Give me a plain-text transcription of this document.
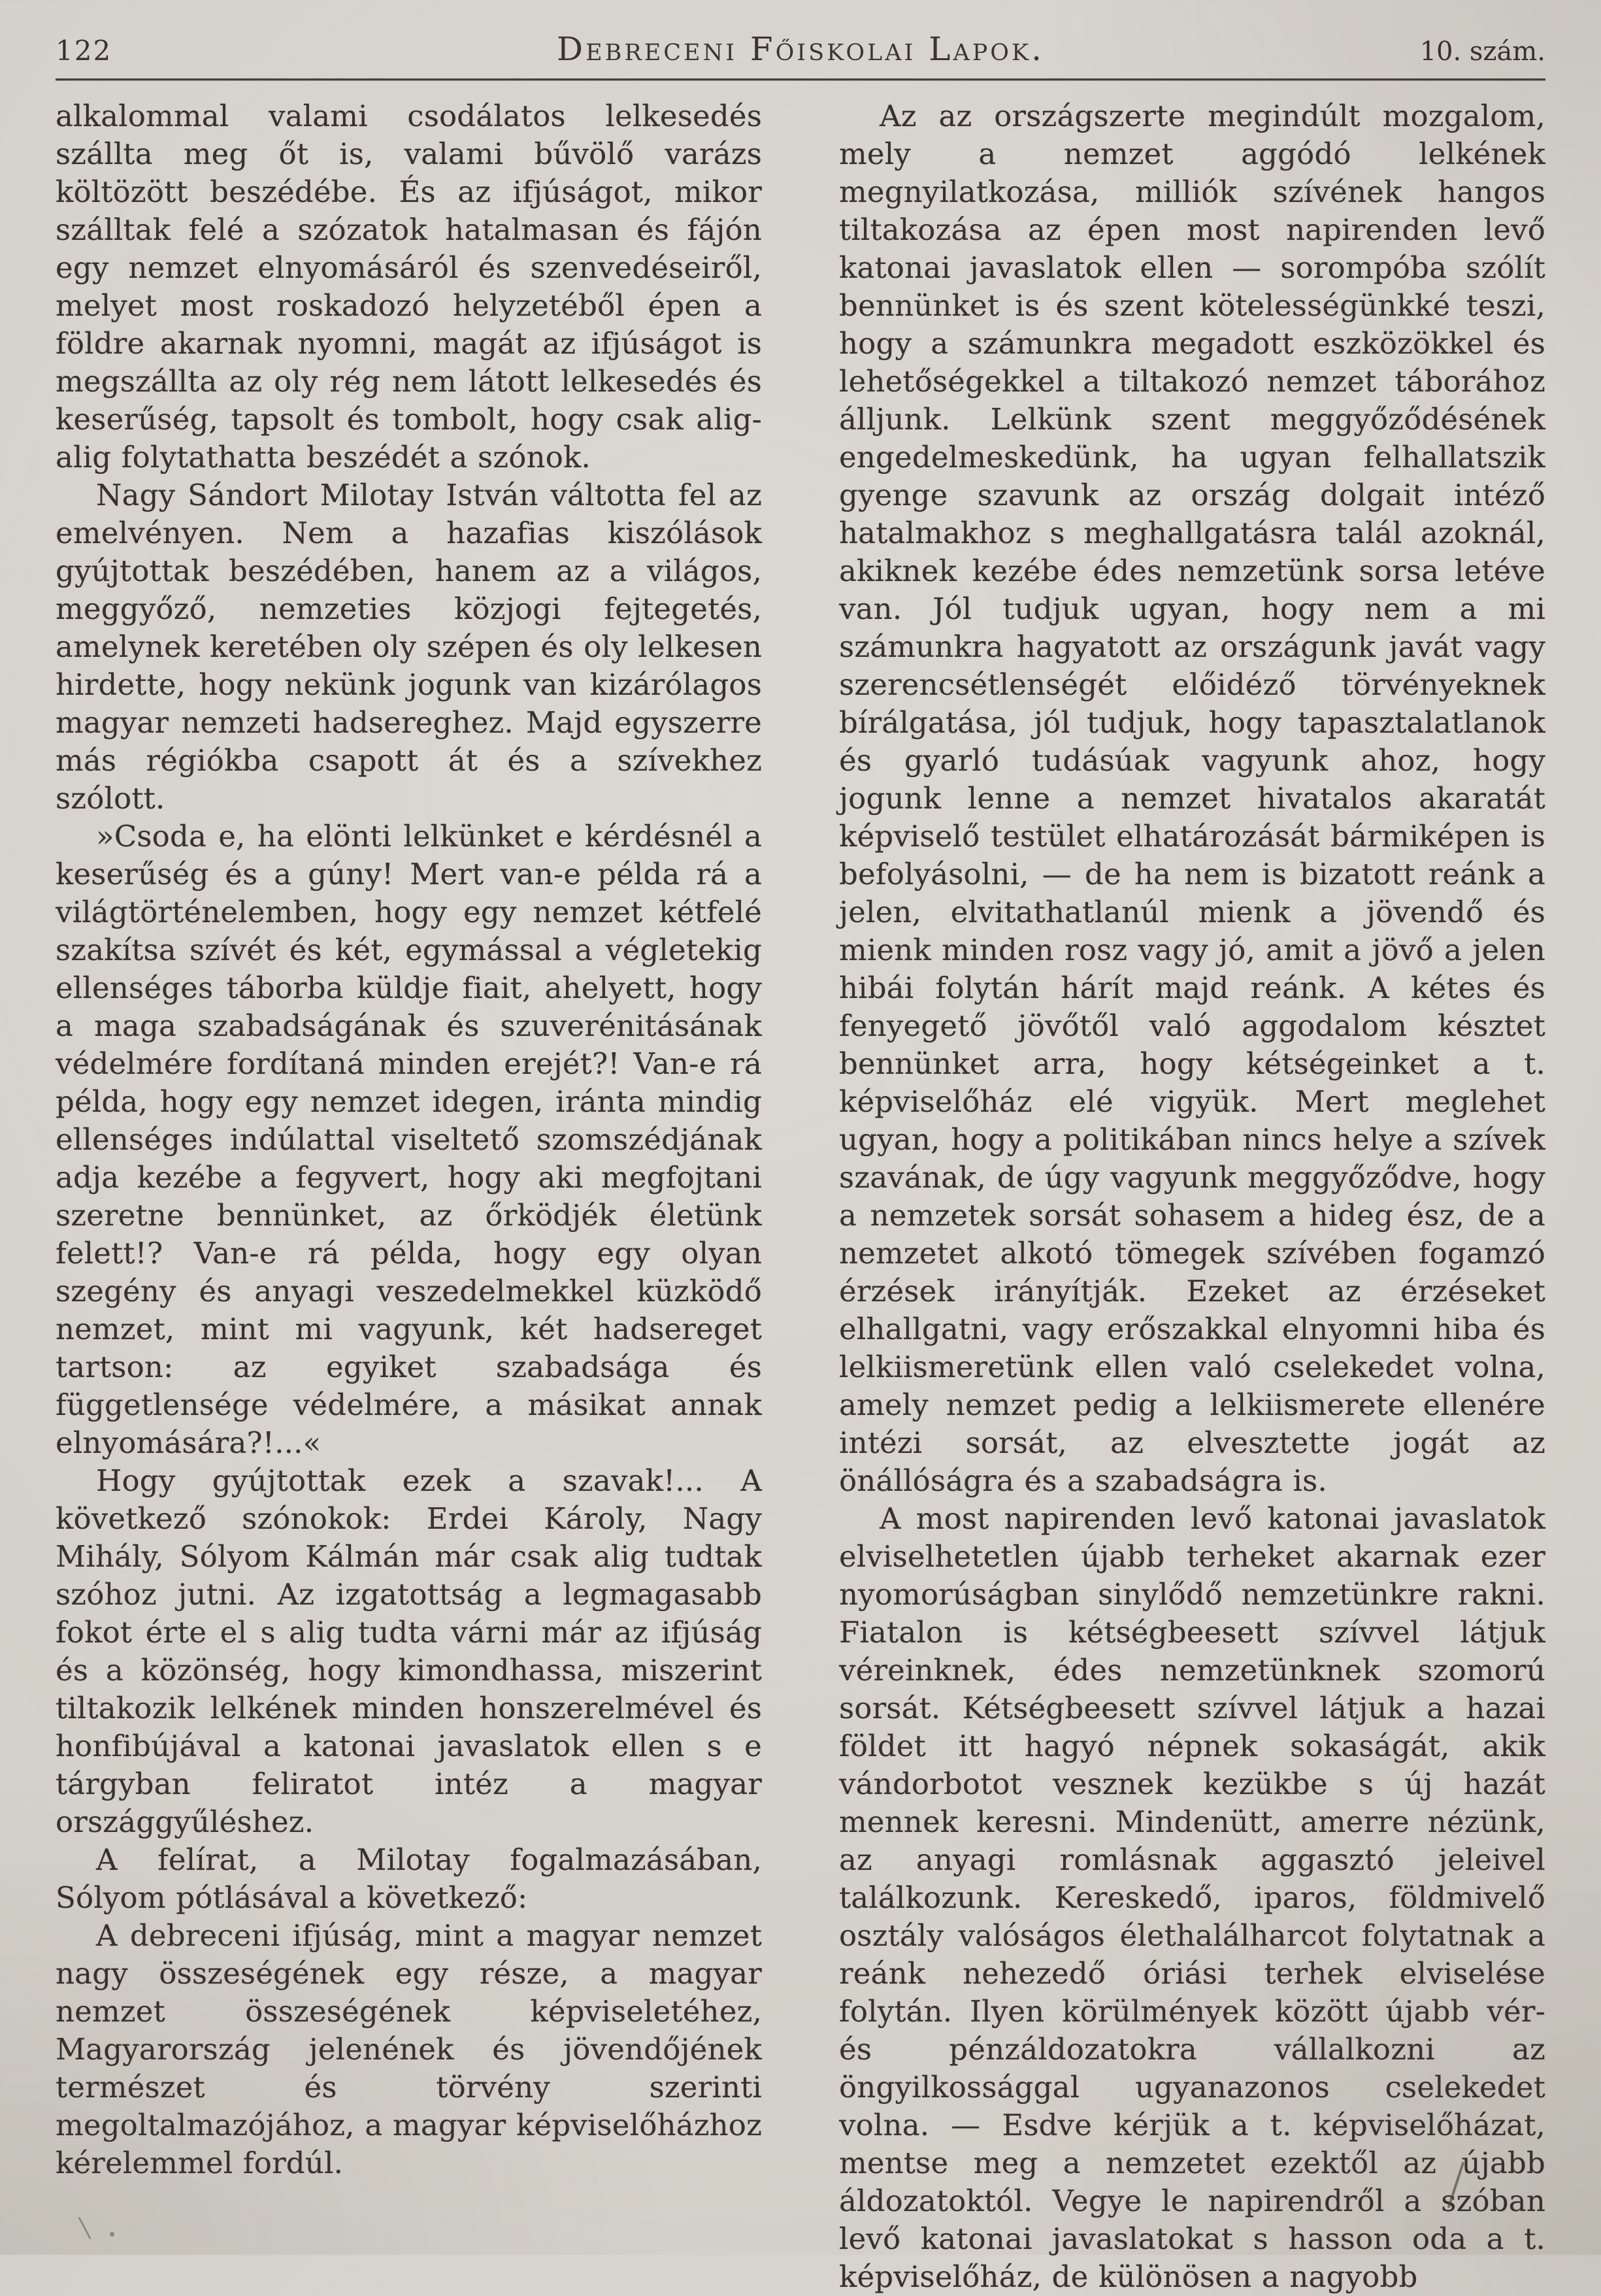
122	Debreceni Főiskolai Lapok.	10. szám.

alkalommal valami csodálatos lelkesedés szállta meg őt is, valami bűvölő varázs költözött beszédébe. És az ifjúságot, mikor szálltak felé a szózatok hatalmasan és fájón egy nemzet elnyomásáról és szenvedéseiről, melyet most roskadozó helyzetéből épen a földre akarnak nyomni, magát az ifjúságot is megszállta az oly rég nem látott lelkesedés és keserűség, tapsolt és tombolt, hogy csak alig-alig folytathatta beszédét a szónok.

Nagy Sándort Milotay István váltotta fel az emelvényen. Nem a hazafias kiszólások gyújtottak beszédében, hanem az a világos, meggyőző, nemzeties közjogi fejtegetés, amelynek keretében oly szépen és oly lelkesen hirdette, hogy nekünk jogunk van kizárólagos magyar nemzeti hadsereghez. Majd egyszerre más régiókba csapott át és a szívekhez szólott.

»Csoda e, ha elönti lelkünket e kérdésnél a keserűség és a gúny! Mert van-e példa rá a világtörténelemben, hogy egy nemzet kétfelé szakítsa szívét és két, egymással a végletekig ellenséges táborba küldje fiait, ahelyett, hogy a maga szabadságának és szuverénitásának védelmére fordítaná minden erejét?! Van-e rá példa, hogy egy nemzet idegen, iránta mindig ellenséges indúlattal viseltető szomszédjának adja kezébe a fegyvert, hogy aki megfojtani szeretne bennünket, az őrködjék életünk felett!? Van-e rá példa, hogy egy olyan szegény és anyagi veszedelmekkel küzködő nemzet, mint mi vagyunk, két hadsereget tartson: az egyiket szabadsága és függetlensége védelmére, a másikat annak elnyomására?!...«

Hogy gyújtottak ezek a szavak!... A következő szónokok: Erdei Károly, Nagy Mihály, Sólyom Kálmán már csak alig tudtak szóhoz jutni. Az izgatottság a legmagasabb fokot érte el s alig tudta várni már az ifjúság és a közönség, hogy kimondhassa, miszerint tiltakozik lelkének minden honszerelmével és honfibújával a katonai javaslatok ellen s e tárgyban feliratot intéz a magyar országgyűléshez.

A felírat, a Milotay fogalmazásában, Sólyom pótlásával a következő:

A debreceni ifjúság, mint a magyar nemzet nagy összeségének egy része, a magyar nemzet összeségének képviseletéhez, Magyarország jelenének és jövendőjének természet és törvény szerinti megoltalmazójához, a magyar képviselőházhoz kérelemmel fordúl.

Az az országszerte megindúlt mozgalom, mely a nemzet aggódó lelkének megnyilatkozása, milliók szívének hangos tiltakozása az épen most napirenden levő katonai javaslatok ellen — sorompóba szólít bennünket is és szent kötelességünkké teszi, hogy a számunkra megadott eszközökkel és lehetőségekkel a tiltakozó nemzet táborához álljunk. Lelkünk szent meggyőződésének engedelmeskedünk, ha ugyan felhallatszik gyenge szavunk az ország dolgait intéző hatalmakhoz s meghallgatásra talál azoknál, akiknek kezébe édes nemzetünk sorsa letéve van. Jól tudjuk ugyan, hogy nem a mi számunkra hagyatott az országunk javát vagy szerencsétlenségét előidéző törvényeknek bírálgatása, jól tudjuk, hogy tapasztalatlanok és gyarló tudásúak vagyunk ahoz, hogy jogunk lenne a nemzet hivatalos akaratát képviselő testület elhatározását bármiképen is befolyásolni, — de ha nem is bizatott reánk a jelen, elvitathatlanúl mienk a jövendő és mienk minden rosz vagy jó, amit a jövő a jelen hibái folytán hárít majd reánk. A kétes és fenyegető jövőtől való aggodalom késztet bennünket arra, hogy kétségeinket a t. képviselőház elé vigyük. Mert meglehet ugyan, hogy a politikában nincs helye a szívek szavának, de úgy vagyunk meggyőződve, hogy a nemzetek sorsát sohasem a hideg ész, de a nemzetet alkotó tömegek szívében fogamzó érzések irányítják. Ezeket az érzéseket elhallgatni, vagy erőszakkal elnyomni hiba és lelkiismeretünk ellen való cselekedet volna, amely nemzet pedig a lelkiismerete ellenére intézi sorsát, az elvesztette jogát az önállóságra és a szabadságra is.

A most napirenden levő katonai javaslatok elviselhetetlen újabb terheket akarnak ezer nyomorúságban sinylődő nemzetünkre rakni. Fiatalon is kétségbeesett szívvel látjuk véreinknek, édes nemzetünknek szomorú sorsát. Kétségbeesett szívvel látjuk a hazai földet itt hagyó népnek sokaságát, akik vándorbotot vesznek kezükbe s új hazát mennek keresni. Mindenütt, amerre nézünk, az anyagi romlásnak aggasztó jeleivel találkozunk. Kereskedő, iparos, földmivelő osztály valóságos élethalálharcot folytatnak a reánk nehezedő óriási terhek elviselése folytán. Ilyen körülmények között újabb vér- és pénzáldozatokra vállalkozni az öngyilkossággal ugyanazonos cselekedet volna. — Esdve kérjük a t. képviselőházat, mentse meg a nemzetet ezektől az újabb áldozatoktól. Vegye le napirendről a szóban levő katonai javaslatokat s hasson oda a t. képviselőház, de különösen a nagyobb
